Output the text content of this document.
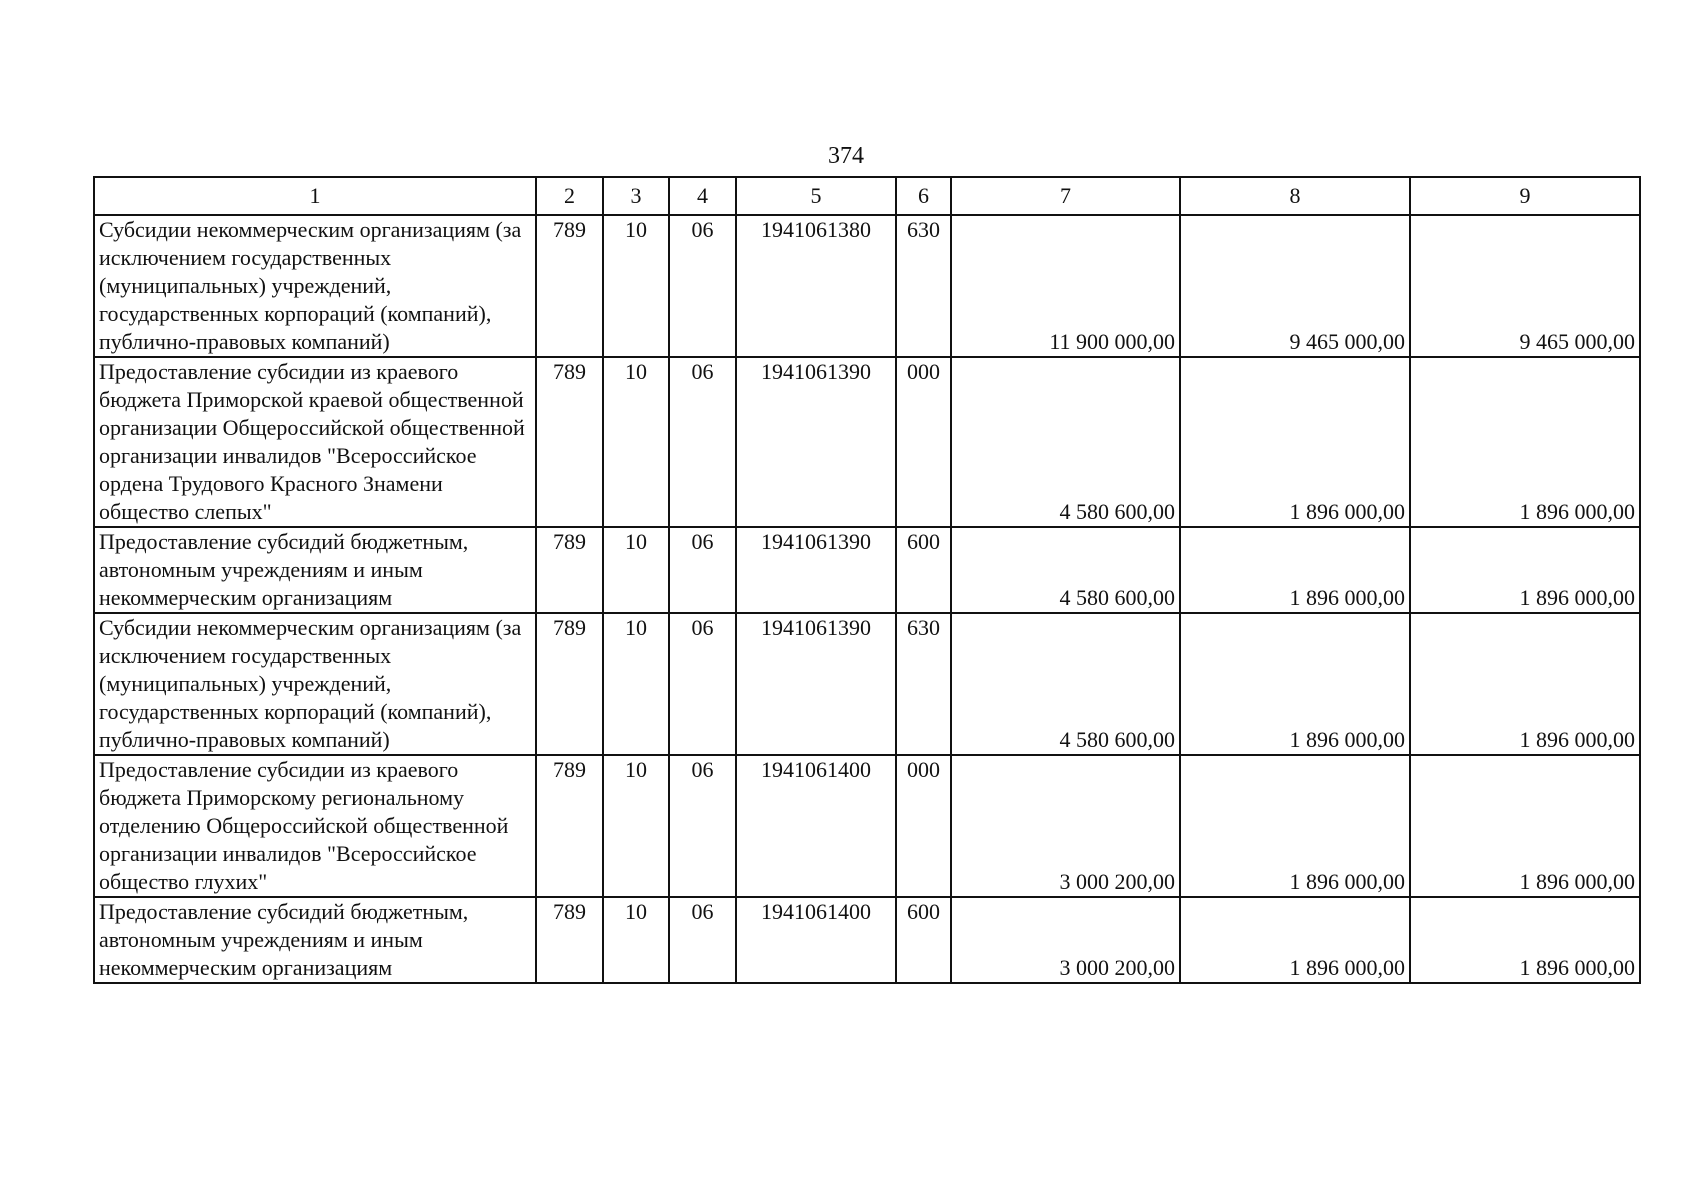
374
1	2	3	4	5	6	7	8	9
Субсидии некоммерческим организациям (за исключением государственных (муниципальных) учреждений, государственных корпораций (компаний), публично-правовых компаний)	789	10	06	1941061380	630	11 900 000,00	9 465 000,00	9 465 000,00
Предоставление субсидии из краевого бюджета Приморской краевой общественной организации Общероссийской общественной организации инвалидов "Всероссийское ордена Трудового Красного Знамени общество слепых"	789	10	06	1941061390	000	4 580 600,00	1 896 000,00	1 896 000,00
Предоставление субсидий бюджетным, автономным учреждениям и иным некоммерческим организациям	789	10	06	1941061390	600	4 580 600,00	1 896 000,00	1 896 000,00
Субсидии некоммерческим организациям (за исключением государственных (муниципальных) учреждений, государственных корпораций (компаний), публично-правовых компаний)	789	10	06	1941061390	630	4 580 600,00	1 896 000,00	1 896 000,00
Предоставление субсидии из краевого бюджета Приморскому региональному отделению Общероссийской общественной организации инвалидов "Всероссийское общество глухих"	789	10	06	1941061400	000	3 000 200,00	1 896 000,00	1 896 000,00
Предоставление субсидий бюджетным, автономным учреждениям и иным некоммерческим организациям	789	10	06	1941061400	600	3 000 200,00	1 896 000,00	1 896 000,00
